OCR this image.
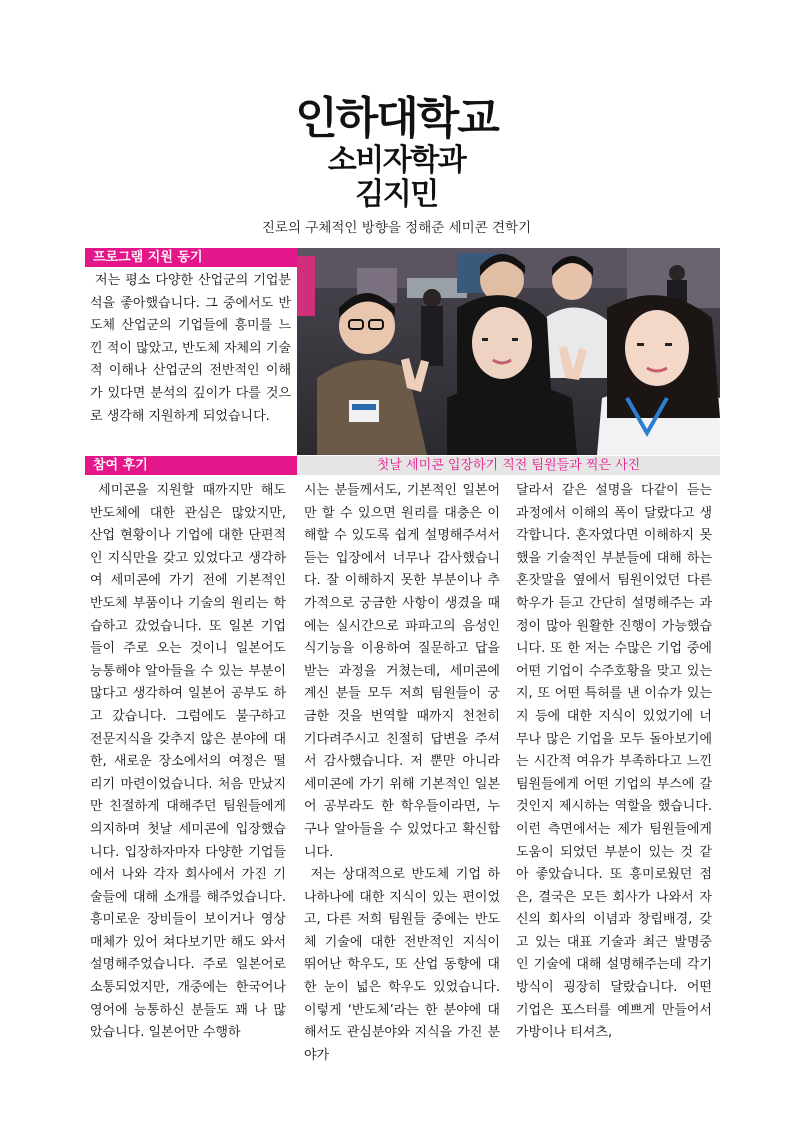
인하대학교
소비자학과
김지민
진로의 구체적인 방향을 정해준 세미콘 견학기
프로그램 지원 동기
저는 평소 다양한 산업군의 기업분석을 좋아했습니다. 그 중에서도 반도체 산업군의 기업들에 흥미를 느낀 적이 많았고, 반도체 자체의 기술적 이해나 산업군의 전반적인 이해가 있다면 분석의 깊이가 다를 것으로 생각해 지원하게 되었습니다.
참여 후기	첫날 세미콘 입장하기 직전 팀원들과 찍은 사진

세미콘을 지원할 때까지만 해도 반도체에 대한 관심은 많았지만, 산업 현황이나 기업에 대한 단편적인 지식만을 갖고 있었다고 생각하여 세미콘에 가기 전에 기본적인 반도체 부품이나 기술의 원리는 학습하고 갔었습니다. 또 일본 기업들이 주로 오는 것이니 일본어도 능통해야 알아들을 수 있는 부분이 많다고 생각하여 일본어 공부도 하고 갔습니다. 그럼에도 불구하고 전문지식을 갖추지 않은 분야에 대한, 새로운 장소에서의 여정은 떨리기 마련이었습니다. 처음 만났지만 친절하게 대해주던 팀원들에게 의지하며 첫날 세미콘에 입장했습니다. 입장하자마자 다양한 기업들에서 나와 각자 회사에서 가진 기술들에 대해 소개를 해주었습니다. 흥미로운 장비들이 보이거나 영상 매체가 있어 쳐다보기만 해도 와서 설명해주었습니다. 주로 일본어로 소통되었지만, 개중에는 한국어나 영어에 능통하신 분들도 꽤 나 많았습니다. 일본어만 수행하

시는 분들께서도, 기본적인 일본어만 할 수 있으면 원리를 대충은 이해할 수 있도록 쉽게 설명해주셔서 듣는 입장에서 너무나 감사했습니다. 잘 이해하지 못한 부분이나 추가적으로 궁금한 사항이 생겼을 때에는 실시간으로 파파고의 음성인식기능을 이용하여 질문하고 답을 받는 과정을 거쳤는데, 세미콘에 계신 분들 모두 저희 팀원들이 궁금한 것을 번역할 때까지 천천히 기다려주시고 친절히 답변을 주셔서 감사했습니다. 저 뿐만 아니라 세미콘에 가기 위해 기본적인 일본어 공부라도 한 학우들이라면, 누구나 알아들을 수 있었다고 확신합니다.

저는 상대적으로 반도체 기업 하나하나에 대한 지식이 있는 편이었고, 다른 저희 팀원들 중에는 반도체 기술에 대한 전반적인 지식이 뛰어난 학우도, 또 산업 동향에 대한 눈이 넓은 학우도 있었습니다. 이렇게 ‘반도체’라는 한 분야에 대해서도 관심분야와 지식을 가진 분야가

달라서 같은 설명을 다같이 듣는 과정에서 이해의 폭이 달랐다고 생각합니다. 혼자였다면 이해하지 못했을 기술적인 부분들에 대해 하는 혼잣말을 옆에서 팀원이었던 다른 학우가 듣고 간단히 설명해주는 과정이 많아 원활한 진행이 가능했습니다. 또 한 저는 수많은 기업 중에 어떤 기업이 수주호황을 맞고 있는지, 또 어떤 특허를 낸 이슈가 있는지 등에 대한 지식이 있었기에 너무나 많은 기업을 모두 돌아보기에는 시간적 여유가 부족하다고 느낀 팀원들에게 어떤 기업의 부스에 갈 것인지 제시하는 역할을 했습니다. 이런 측면에서는 제가 팀원들에게 도움이 되었던 부분이 있는 것 같아 좋았습니다. 또 흥미로웠던 점은, 결국은 모든 회사가 나와서 자신의 회사의 이념과 창립배경, 갖고 있는 대표 기술과 최근 발명중인 기술에 대해 설명해주는데 각기 방식이 굉장히 달랐습니다. 어떤 기업은 포스터를 예쁘게 만들어서 가방이나 티셔츠,
